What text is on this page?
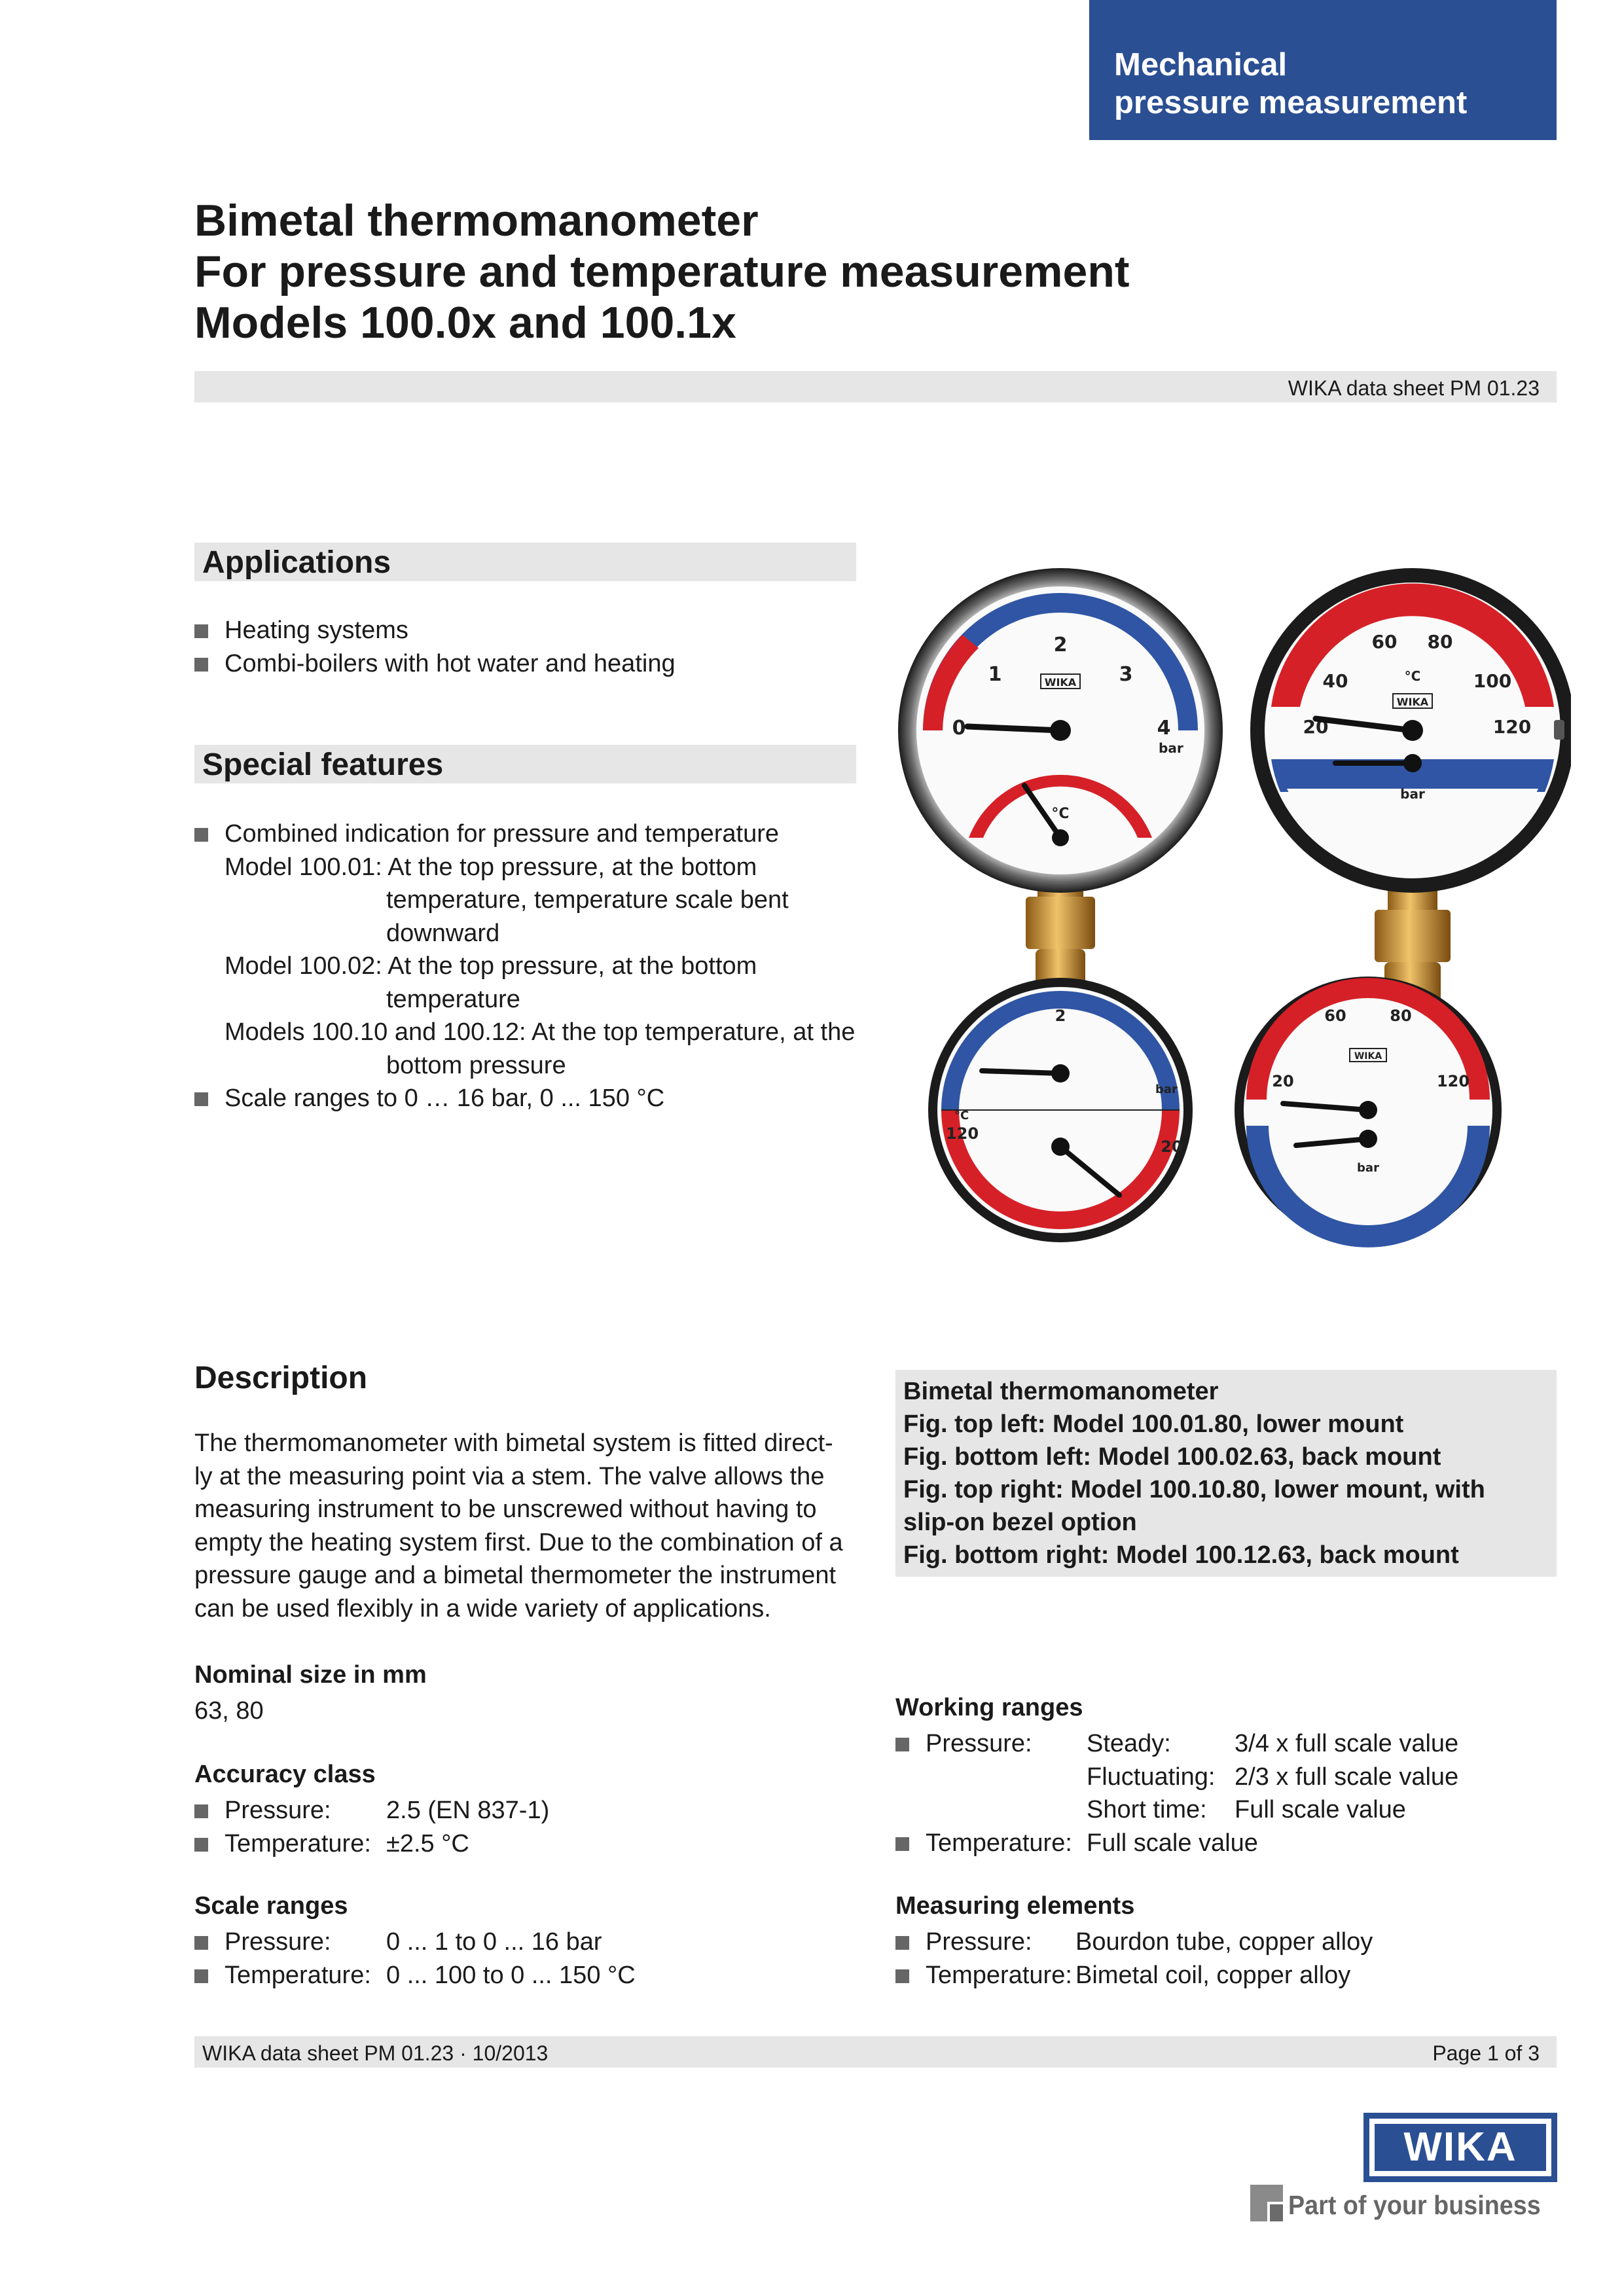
Mechanical
pressure measurement
Bimetal thermomanometer
For pressure and temperature measurement
Models 100.0x and 100.1x
WIKA data sheet PM 01.23
Applications
Heating systems
Combi-boilers with hot water and heating
Special features
Combined indication for pressure and temperature
Model 100.01: At the top pressure, at the bottom
temperature, temperature scale bent
downward
Model 100.02: At the top pressure, at the bottom
temperature
Models 100.10 and 100.12: At the top temperature, at the
bottom pressure
Scale ranges to 0 … 16 bar, 0 ... 150 °C
2
1	3
0	4
WIKA
bar
°C
60 80
40	100
20	120
WIKA
°C
bar
2
20
120
bar
°C
60	80
20	120
WIKA
bar
Description
The thermomanometer with bimetal system is fitted direct-
ly at the measuring point via a stem. The valve allows the
measuring instrument to be unscrewed without having to
empty the heating system first. Due to the combination of a
pressure gauge and a bimetal thermometer the instrument
can be used flexibly in a wide variety of applications.
Nominal size in mm
63, 80
Accuracy class
Pressure: 2.5 (EN 837-1)
Temperature: ±2.5 °C
Scale ranges
Pressure: 0 ... 1 to 0 ... 16 bar
Temperature: 0 ... 100 to 0 ... 150 °C
Bimetal thermomanometer
Fig. top left: Model 100.01.80, lower mount
Fig. bottom left: Model 100.02.63, back mount
Fig. top right: Model 100.10.80, lower mount, with
slip-on bezel option
Fig. bottom right: Model 100.12.63, back mount
Working ranges
Pressure: Steady:	3/4 x full scale value
Fluctuating: 2/3 x full scale value
Short time: Full scale value
Temperature: Full scale value
Measuring elements
Pressure: Bourdon tube, copper alloy
Temperature: Bimetal coil, copper alloy
WIKA data sheet PM 01.23 · 10/2013	Page 1 of 3
WIKA
Part of your business
